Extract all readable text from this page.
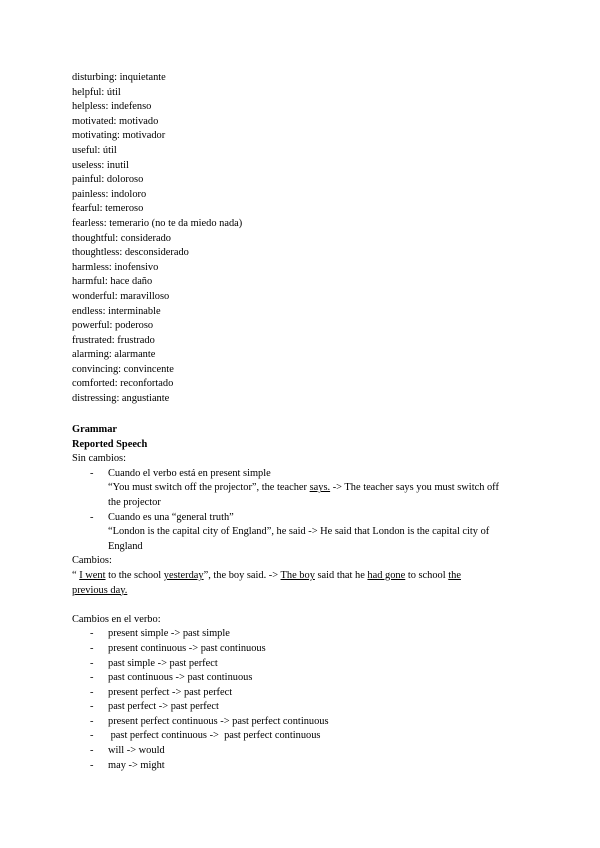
disturbing: inquietante
helpful: útil
helpless: indefenso
motivated: motivado
motivating: motivador
useful: útil
useless: inutil
painful: doloroso
painless: indoloro
fearful: temeroso
fearless: temerario (no te da miedo nada)
thoughtful: considerado
thoughtless: desconsiderado
harmless: inofensivo
harmful: hace daño
wonderful: maravilloso
endless: interminable
powerful: poderoso
frustrated: frustrado
alarming: alarmante
convincing: convincente
comforted: reconfortado
distressing: angustiante
Grammar
Reported Speech
Sin cambios:
- Cuando el verbo está en present simple
“You must switch off the projector”, the teacher says. -> The teacher says you must switch off
the projector
- Cuando es una “general truth”
“London is the capital city of England”, he said -> He said that London is the capital city of
England
Cambios:
“ I went to the school yesterday”, the boy said. -> The boy said that he had gone to school the
previous day.
Cambios en el verbo:
- present simple -> past simple
- present continuous -> past continuous
- past simple -> past perfect
- past continuous -> past continuous
- present perfect -> past perfect
- past perfect -> past perfect
- present perfect continuous -> past perfect continuous
- past perfect continuous ->  past perfect continuous
- will -> would
- may -> might
